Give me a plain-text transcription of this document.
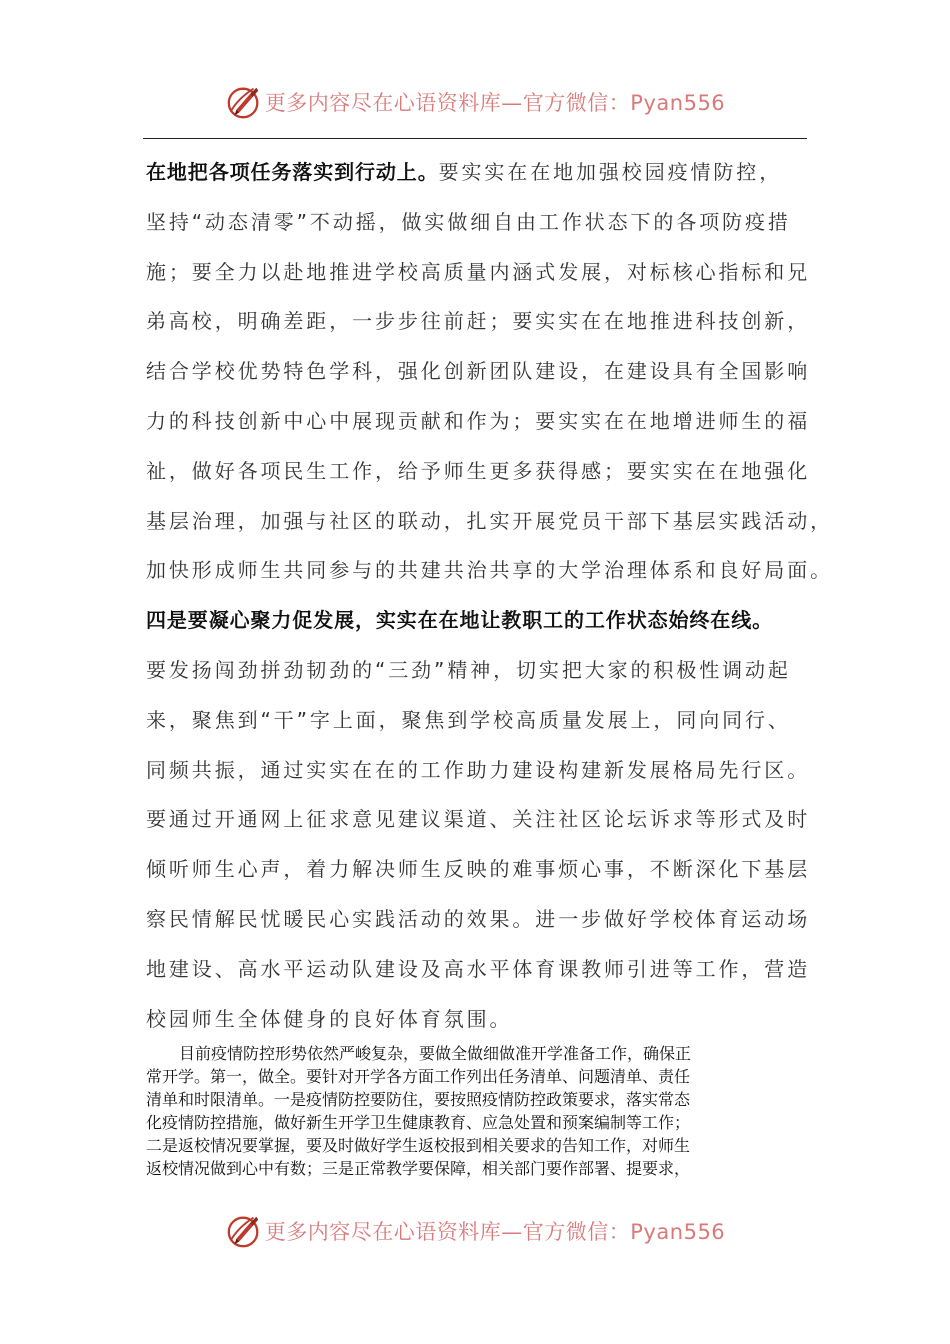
更多内容尽在心语资料库—官方微信：Pyan556
在地把各项任务落实到行动上。要实实在在地加强校园疫情防控，
坚持“动态清零”不动摇，做实做细自由工作状态下的各项防疫措
施；要全力以赴地推进学校高质量内涵式发展，对标核心指标和兄
弟高校，明确差距，一步步往前赶；要实实在在地推进科技创新，
结合学校优势特色学科，强化创新团队建设，在建设具有全国影响
力的科技创新中心中展现贡献和作为；要实实在在地增进师生的福
祉，做好各项民生工作，给予师生更多获得感；要实实在在地强化
基层治理，加强与社区的联动，扎实开展党员干部下基层实践活动，
加快形成师生共同参与的共建共治共享的大学治理体系和良好局面。
四是要凝心聚力促发展，实实在在地让教职工的工作状态始终在线。
要发扬闯劲拼劲韧劲的“三劲”精神，切实把大家的积极性调动起
来，聚焦到“干”字上面，聚焦到学校高质量发展上，同向同行、
同频共振，通过实实在在的工作助力建设构建新发展格局先行区。
要通过开通网上征求意见建议渠道、关注社区论坛诉求等形式及时
倾听师生心声，着力解决师生反映的难事烦心事，不断深化下基层
察民情解民忧暖民心实践活动的效果。进一步做好学校体育运动场
地建设、高水平运动队建设及高水平体育课教师引进等工作，营造
校园师生全体健身的良好体育氛围。
目前疫情防控形势依然严峻复杂，要做全做细做准开学准备工作，确保正
常开学。第一，做全。要针对开学各方面工作列出任务清单、问题清单、责任
清单和时限清单。一是疫情防控要防住，要按照疫情防控政策要求，落实常态
化疫情防控措施，做好新生开学卫生健康教育、应急处置和预案编制等工作；
二是返校情况要掌握，要及时做好学生返校报到相关要求的告知工作，对师生
返校情况做到心中有数；三是正常教学要保障，相关部门要作部署、提要求，
更多内容尽在心语资料库—官方微信：Pyan556
